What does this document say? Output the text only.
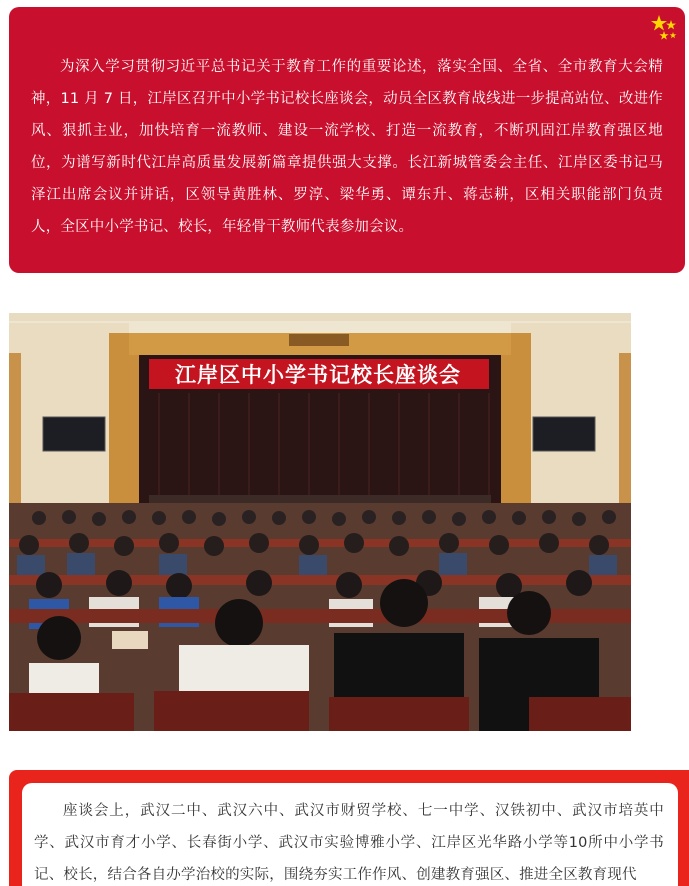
为深入学习贯彻习近平总书记关于教育工作的重要论述，落实全国、全省、全市教育大会精神，11 月 7 日，江岸区召开中小学书记校长座谈会，动员全区教育战线进一步提高站位、改进作风、狠抓主业，加快培育一流教师、建设一流学校、打造一流教育，不断巩固江岸教育强区地位，为谱写新时代江岸高质量发展新篇章提供强大支撑。长江新城管委会主任、江岸区委书记马泽江出席会议并讲话，区领导黄胜林、罗淳、梁华勇、谭东升、蒋志耕，区相关职能部门负责人，全区中小学书记、校长，年轻骨干教师代表参加会议。

江岸区中小学书记校长座谈会

座谈会上，武汉二中、武汉六中、武汉市财贸学校、七一中学、汉铁初中、武汉市培英中学、武汉市育才小学、长春街小学、武汉市实验博雅小学、江岸区光华路小学等10所中小学书记、校长，结合各自办学治校的实际，围绕夯实工作作风、创建教育强区、推进全区教育现代
